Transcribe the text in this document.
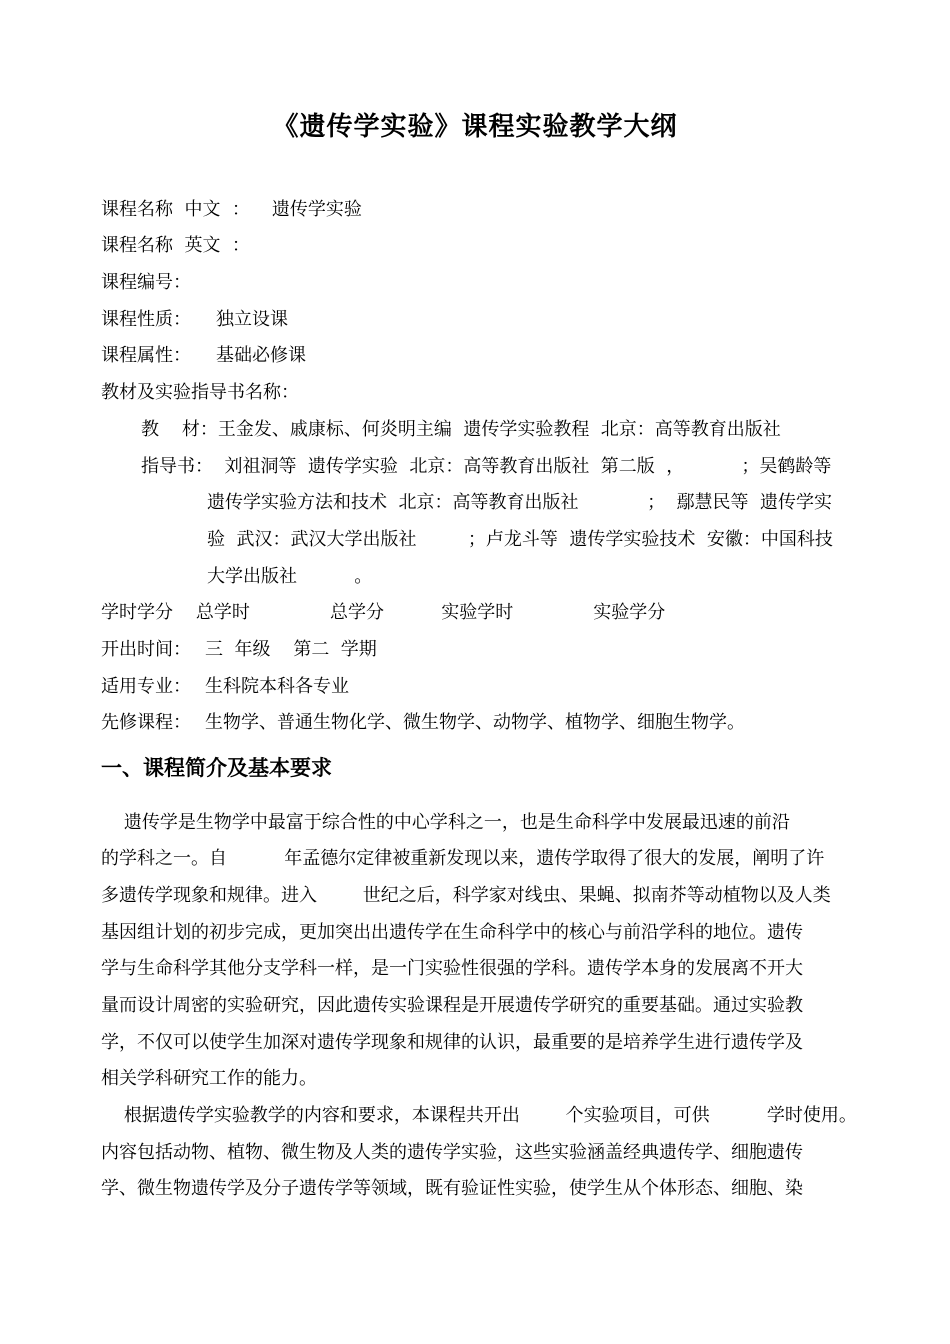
《遗传学实验》课程实验教学大纲
课程名称  中文  ： 遗传学实验
课程名称  英文  ：
课程编号：
课程性质： 独立设课
课程属性： 基础必修课
教材及实验指导书名称：
教    材：王金发、戚康标、何炎明主编  遗传学实验教程  北京：高等教育出版社
指导书：  刘祖洞等  遗传学实验  北京：高等教育出版社  第二版  ，          ；吴鹤龄等
遗传学实验方法和技术  北京：高等教育出版社            ；  鄢慧民等  遗传学实
验  武汉：武汉大学出版社         ；卢龙斗等  遗传学实验技术  安徽：中国科技
大学出版社          。
学时学分    总学时              总学分          实验学时              实验学分
开出时间： 三  年级    第二  学期
适用专业： 生科院本科各专业
先修课程： 生物学、普通生物化学、微生物学、动物学、植物学、细胞生物学。
一、课程简介及基本要求
遗传学是生物学中最富于综合性的中心学科之一，也是生命科学中发展最迅速的前沿
的学科之一。自          年孟德尔定律被重新发现以来，遗传学取得了很大的发展，阐明了许
多遗传学现象和规律。进入        世纪之后，科学家对线虫、果蝇、拟南芥等动植物以及人类
基因组计划的初步完成，更加突出出遗传学在生命科学中的核心与前沿学科的地位。遗传
学与生命科学其他分支学科一样，是一门实验性很强的学科。遗传学本身的发展离不开大
量而设计周密的实验研究，因此遗传实验课程是开展遗传学研究的重要基础。通过实验教
学，不仅可以使学生加深对遗传学现象和规律的认识，最重要的是培养学生进行遗传学及
相关学科研究工作的能力。
根据遗传学实验教学的内容和要求，本课程共开出        个实验项目，可供          学时使用。
内容包括动物、植物、微生物及人类的遗传学实验，这些实验涵盖经典遗传学、细胞遗传
学、微生物遗传学及分子遗传学等领域，既有验证性实验，使学生从个体形态、细胞、染
